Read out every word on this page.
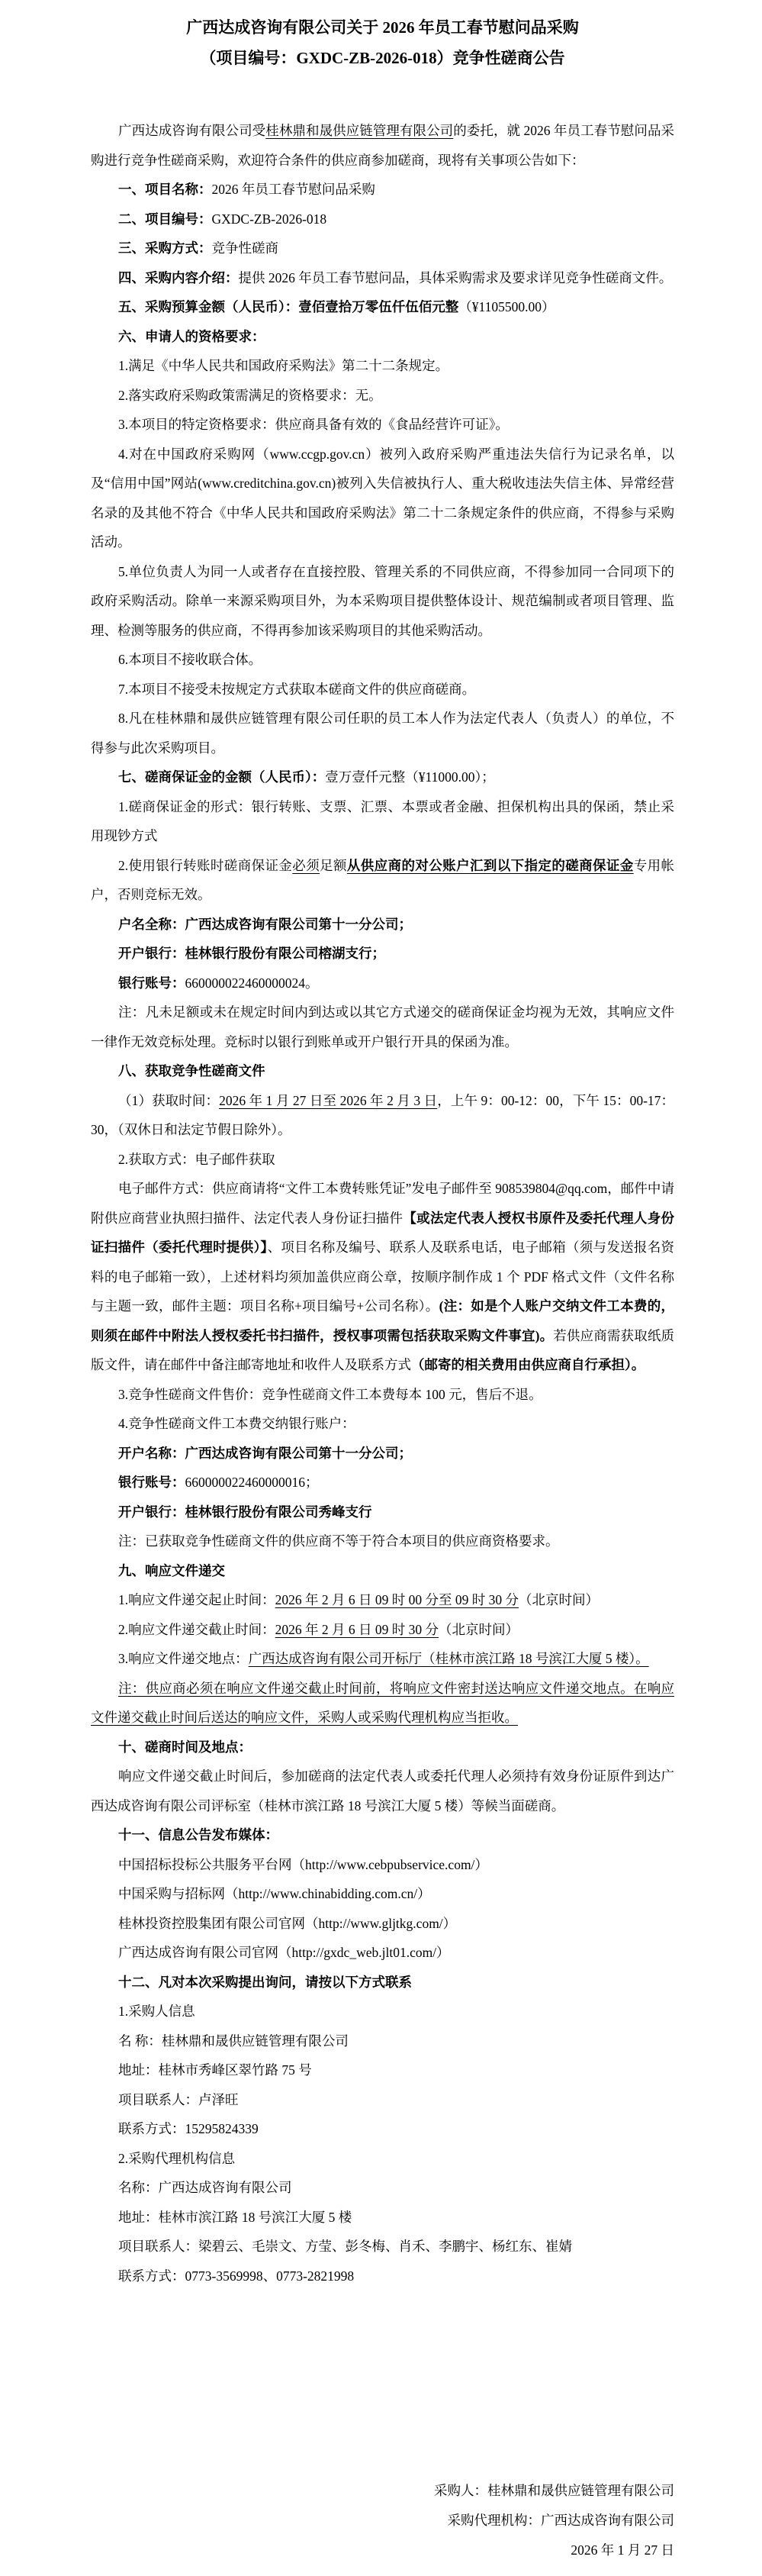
广西达成咨询有限公司关于 2026 年员工春节慰问品采购
（项目编号：GXDC-ZB-2026-018）竞争性磋商公告

广西达成咨询有限公司受桂林鼎和晟供应链管理有限公司的委托，就 2026 年员工春节慰问品采购进行竞争性磋商采购，欢迎符合条件的供应商参加磋商，现将有关事项公告如下：

一、项目名称：2026 年员工春节慰问品采购

二、项目编号：GXDC-ZB-2026-018

三、采购方式：竞争性磋商

四、采购内容介绍：提供 2026 年员工春节慰问品，具体采购需求及要求详见竞争性磋商文件。

五、采购预算金额（人民币）：壹佰壹拾万零伍仟伍佰元整（¥1105500.00）

六、申请人的资格要求：

1.满足《中华人民共和国政府采购法》第二十二条规定。

2.落实政府采购政策需满足的资格要求：无。

3.本项目的特定资格要求：供应商具备有效的《食品经营许可证》。

4.对在中国政府采购网（www.ccgp.gov.cn）被列入政府采购严重违法失信行为记录名单，以及“信用中国”网站(www.creditchina.gov.cn)被列入失信被执行人、重大税收违法失信主体、异常经营名录的及其他不符合《中华人民共和国政府采购法》第二十二条规定条件的供应商，不得参与采购活动。

5.单位负责人为同一人或者存在直接控股、管理关系的不同供应商，不得参加同一合同项下的政府采购活动。除单一来源采购项目外，为本采购项目提供整体设计、规范编制或者项目管理、监理、检测等服务的供应商，不得再参加该采购项目的其他采购活动。

6.本项目不接收联合体。

7.本项目不接受未按规定方式获取本磋商文件的供应商磋商。

8.凡在桂林鼎和晟供应链管理有限公司任职的员工本人作为法定代表人（负责人）的单位，不得参与此次采购项目。

七、磋商保证金的金额（人民币）：壹万壹仟元整（¥11000.00）；

1.磋商保证金的形式：银行转账、支票、汇票、本票或者金融、担保机构出具的保函，禁止采用现钞方式

2.使用银行转账时磋商保证金必须足额从供应商的对公账户汇到以下指定的磋商保证金专用帐户，否则竞标无效。

户名全称：广西达成咨询有限公司第十一分公司；

开户银行：桂林银行股份有限公司榕湖支行；

银行账号：660000022460000024。

注：凡未足额或未在规定时间内到达或以其它方式递交的磋商保证金均视为无效，其响应文件一律作无效竞标处理。竞标时以银行到账单或开户银行开具的保函为准。

八、获取竞争性磋商文件

（1）获取时间：2026 年 1 月 27 日至 2026 年 2 月 3 日，上午 9：00-12：00，下午 15：00-17：30，（双休日和法定节假日除外）。

2.获取方式：电子邮件获取

电子邮件方式：供应商请将“文件工本费转账凭证”发电子邮件至 908539804@qq.com，邮件中请附供应商营业执照扫描件、法定代表人身份证扫描件【或法定代表人授权书原件及委托代理人身份证扫描件（委托代理时提供）】、项目名称及编号、联系人及联系电话，电子邮箱（须与发送报名资料的电子邮箱一致），上述材料均须加盖供应商公章，按顺序制作成 1 个 PDF 格式文件（文件名称与主题一致，邮件主题：项目名称+项目编号+公司名称）。(注：如是个人账户交纳文件工本费的，则须在邮件中附法人授权委托书扫描件，授权事项需包括获取采购文件事宜)。若供应商需获取纸质版文件，请在邮件中备注邮寄地址和收件人及联系方式（邮寄的相关费用由供应商自行承担）。

3.竞争性磋商文件售价：竞争性磋商文件工本费每本 100 元，售后不退。

4.竞争性磋商文件工本费交纳银行账户：

开户名称：广西达成咨询有限公司第十一分公司；

银行账号：660000022460000016；

开户银行：桂林银行股份有限公司秀峰支行

注：已获取竞争性磋商文件的供应商不等于符合本项目的供应商资格要求。

九、响应文件递交

1.响应文件递交起止时间：2026 年 2 月 6 日 09 时 00 分至 09 时 30 分（北京时间）

2.响应文件递交截止时间：2026 年 2 月 6 日 09 时 30 分（北京时间）

3.响应文件递交地点：广西达成咨询有限公司开标厅（桂林市滨江路 18 号滨江大厦 5 楼）。

注：供应商必须在响应文件递交截止时间前，将响应文件密封送达响应文件递交地点。在响应文件递交截止时间后送达的响应文件，采购人或采购代理机构应当拒收。

十、磋商时间及地点：

响应文件递交截止时间后，参加磋商的法定代表人或委托代理人必须持有效身份证原件到达广西达成咨询有限公司评标室（桂林市滨江路 18 号滨江大厦 5 楼）等候当面磋商。

十一、信息公告发布媒体：

中国招标投标公共服务平台网（http://www.cebpubservice.com/）

中国采购与招标网（http://www.chinabidding.com.cn/）

桂林投资控股集团有限公司官网（http://www.gljtkg.com/）

广西达成咨询有限公司官网（http://gxdc_web.jlt01.com/）

十二、凡对本次采购提出询问，请按以下方式联系

1.采购人信息

名 称：桂林鼎和晟供应链管理有限公司

地址：桂林市秀峰区翠竹路 75 号

项目联系人：卢泽旺

联系方式：15295824339

2.采购代理机构信息

名称：广西达成咨询有限公司

地址：桂林市滨江路 18 号滨江大厦 5 楼

项目联系人：梁碧云、毛崇文、方莹、彭冬梅、肖禾、李鹏宇、杨红东、崔婧

联系方式：0773-3569998、0773-2821998

采购人：桂林鼎和晟供应链管理有限公司
采购代理机构：广西达成咨询有限公司
2026 年 1 月 27 日
